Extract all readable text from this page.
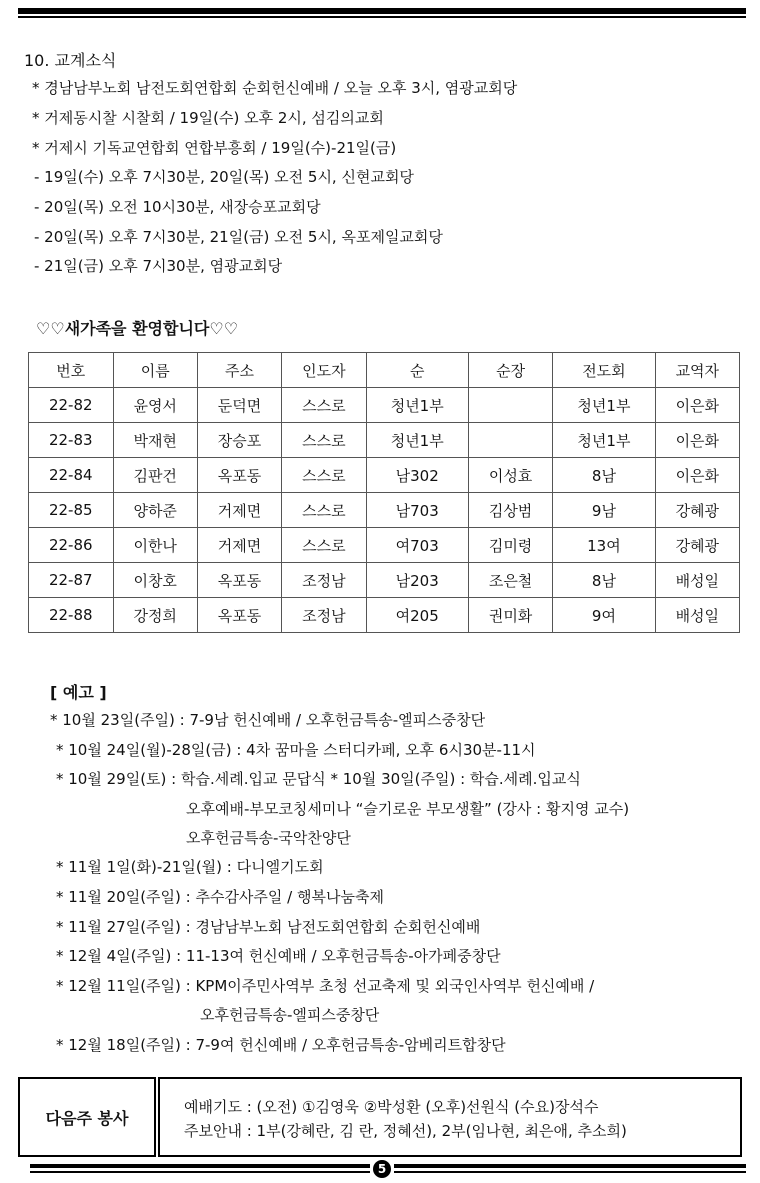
10. 교계소식
* 경남남부노회 남전도회연합회 순회헌신예배 / 오늘 오후 3시, 염광교회당
* 거제동시찰 시찰회 / 19일(수) 오후 2시, 섬김의교회
* 거제시 기독교연합회 연합부흥회 / 19일(수)-21일(금)
- 19일(수) 오후 7시30분, 20일(목) 오전 5시, 신현교회당
- 20일(목) 오전 10시30분, 새장승포교회당
- 20일(목) 오후 7시30분, 21일(금) 오전 5시, 옥포제일교회당
- 21일(금) 오후 7시30분, 염광교회당
♡♡새가족을 환영합니다♡♡
번호	이름	주소	인도자	순	순장	전도회	교역자
22-82	윤영서	둔덕면	스스로	청년1부		청년1부	이은화
22-83	박재현	장승포	스스로	청년1부		청년1부	이은화
22-84	김판건	옥포동	스스로	남302	이성효	8남	이은화
22-85	양하준	거제면	스스로	남703	김상범	9남	강혜광
22-86	이한나	거제면	스스로	여703	김미령	13여	강혜광
22-87	이창호	옥포동	조정남	남203	조은철	8남	배성일
22-88	강정희	옥포동	조정남	여205	권미화	9여	배성일
[ 예고 ]
* 10월 23일(주일) : 7-9남 헌신예배 / 오후헌금특송-엘피스중창단
* 10월 24일(월)-28일(금) : 4차 꿈마을 스터디카페, 오후 6시30분-11시
* 10월 29일(토) : 학습.세례.입교 문답식 * 10월 30일(주일) : 학습.세례.입교식
오후예배-부모코칭세미나 “슬기로운 부모생활” (강사 : 황지영 교수)
오후헌금특송-국악찬양단
* 11월 1일(화)-21일(월) : 다니엘기도회
* 11월 20일(주일) : 추수감사주일 / 행복나눔축제
* 11월 27일(주일) : 경남남부노회 남전도회연합회 순회헌신예배
* 12월 4일(주일) : 11-13여 헌신예배 / 오후헌금특송-아가페중창단
* 12월 11일(주일) : KPM이주민사역부 초청 선교축제 및 외국인사역부 헌신예배 /
오후헌금특송-엘피스중창단
* 12월 18일(주일) : 7-9여 헌신예배 / 오후헌금특송-암베리트합창단
다음주 봉사
예배기도 : (오전) ①김영욱 ②박성환 (오후)선원식 (수요)장석수
주보안내 : 1부(강혜란, 김 란, 정혜선), 2부(임나현, 최은애, 추소희)
5
